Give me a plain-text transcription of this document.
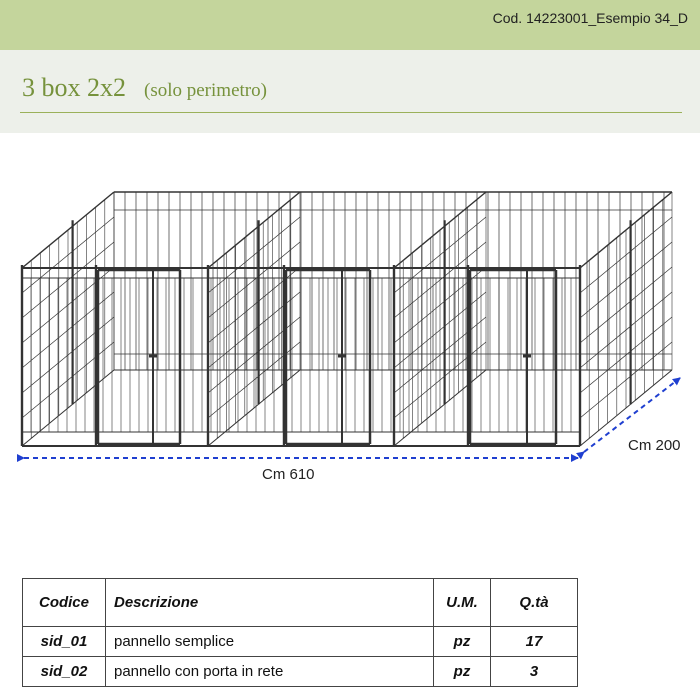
Cod. 14223001_Esempio 34_D
3 box 2x2 (solo perimetro)
Cm 610
Cm 200
Codice	Descrizione	U.M.	Q.tà
sid_01	pannello semplice	pz	17
sid_02	pannello con porta in rete	pz	3
